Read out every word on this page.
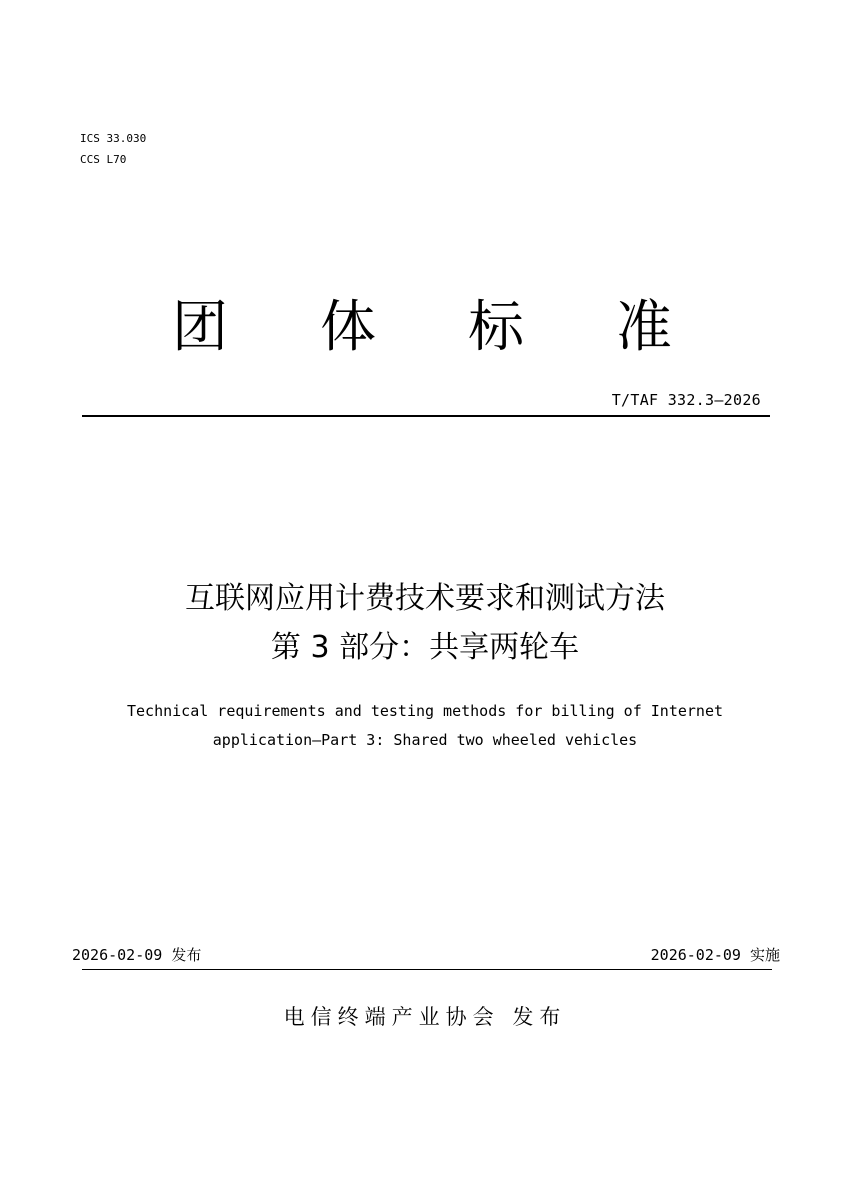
ICS 33.030
CCS L70
团 体 标 准
T/TAF 332.3—2026
互联网应用计费技术要求和测试方法
第 3 部分：共享两轮车
Technical requirements and testing methods for billing of Internet
application—Part 3: Shared two wheeled vehicles
2026-02-09 发布	2026-02-09 实施
电信终端产业协会 发布
